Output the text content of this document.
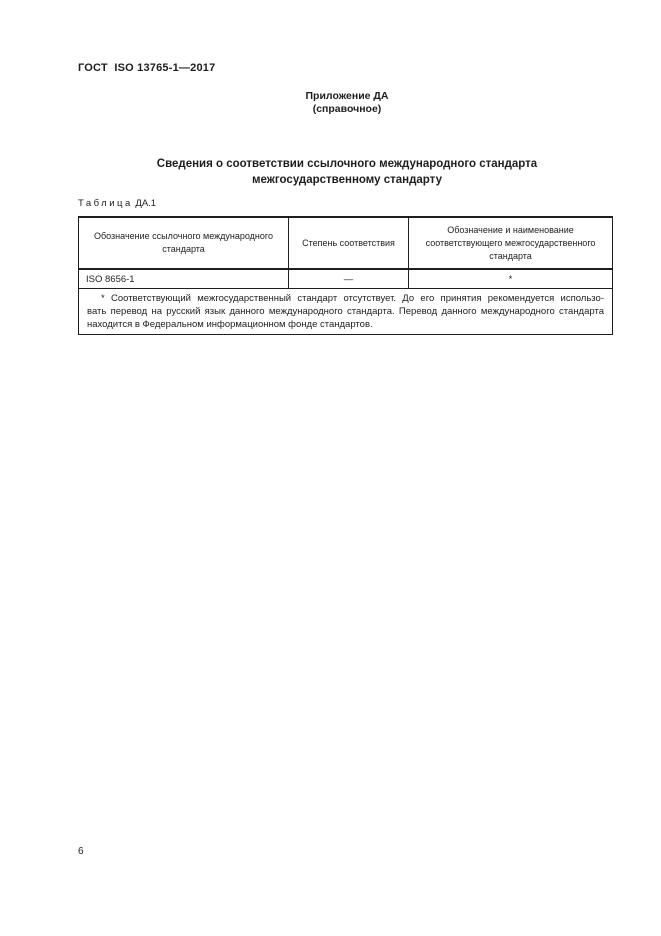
ГОСТ  ISO 13765-1—2017
Приложение ДА
(справочное)
Сведения о соответствии ссылочного международного стандарта
межгосударственному стандарту
Таблица ДА.1
Обозначение ссылочного международного стандарта	Степень соответствия	Обозначение и наименование соответствующего межгосударственного стандарта
ISO 8656-1	—	*

* Соответствующий межгосударственный стандарт отсутствует. До его принятия рекомендуется использо-
вать перевод на русский язык данного международного стандарта. Перевод данного международного стандарта
находится в Федеральном информационном фонде стандартов.		
6
